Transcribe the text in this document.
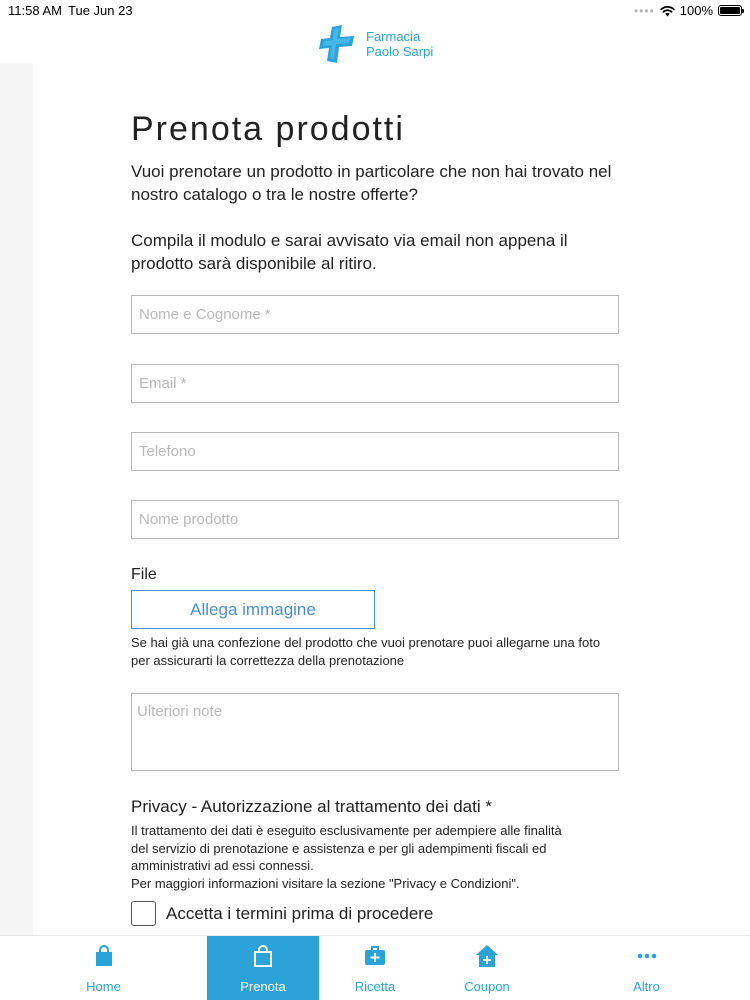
11:58 AM Tue Jun 23	•••• 100%
Farmacia
Paolo Sarpi
Prenota prodotti

Vuoi prenotare un prodotto in particolare che non hai trovato nel nostro catalogo o tra le nostre offerte?

Compila il modulo e sarai avvisato via email non appena il prodotto sarà disponibile al ritiro.

Nome e Cognome *
Email *
Telefono
Nome prodotto
File
Allega immagine

Se hai già una confezione del prodotto che vuoi prenotare puoi allegarne una foto per assicurarti la correttezza della prenotazione

Ulteriori note
Privacy - Autorizzazione al trattamento dei dati *
Il trattamento dei dati è eseguito esclusivamente per adempiere alle finalità
del servizio di prenotazione e assistenza e per gli adempimenti fiscali ed
amministrativi ad essi connessi.
Per maggiori informazioni visitare la sezione "Privacy e Condizioni".
Accetta i termini prima di procedere
Home	Prenota	Ricetta	Coupon	Altro
